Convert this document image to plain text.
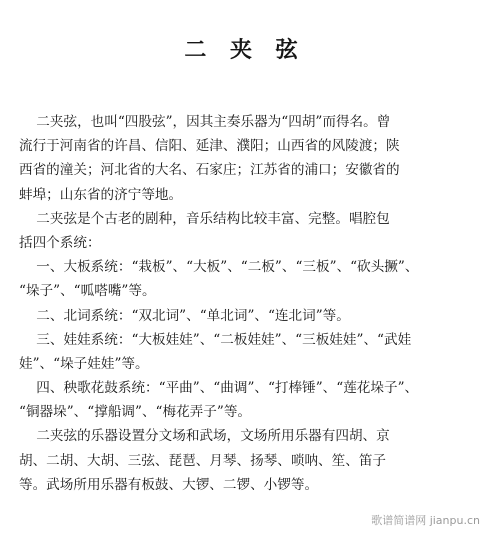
二 夹 弦
二夹弦，也叫“四股弦”，因其主奏乐器为“四胡”而得名。曾
流行于河南省的许昌、信阳、延津、濮阳；山西省的风陵渡；陕
西省的潼关；河北省的大名、石家庄；江苏省的浦口；安徽省的
蚌埠；山东省的济宁等地。
二夹弦是个古老的剧种，音乐结构比较丰富、完整。唱腔包
括四个系统：
一、大板系统：“栽板”、“大板”、“二板”、“三板”、“砍头撅”、
“垛子”、“呱嗒嘴”等。
二、北词系统：“双北词”、“单北词”、“连北词”等。
三、娃娃系统：“大板娃娃”、“二板娃娃”、“三板娃娃”、“武娃
娃”、“垛子娃娃”等。
四、秧歌花鼓系统：“平曲”、“曲调”、“打棒锤”、“莲花垛子”、
“铜器垛”、“撑船调”、“梅花弄子”等。
二夹弦的乐器设置分文场和武场，文场所用乐器有四胡、京
胡、二胡、大胡、三弦、琵琶、月琴、扬琴、唢呐、笙、笛子
等。武场所用乐器有板鼓、大锣、二锣、小锣等。
歌谱简谱网 jianpu.cn
